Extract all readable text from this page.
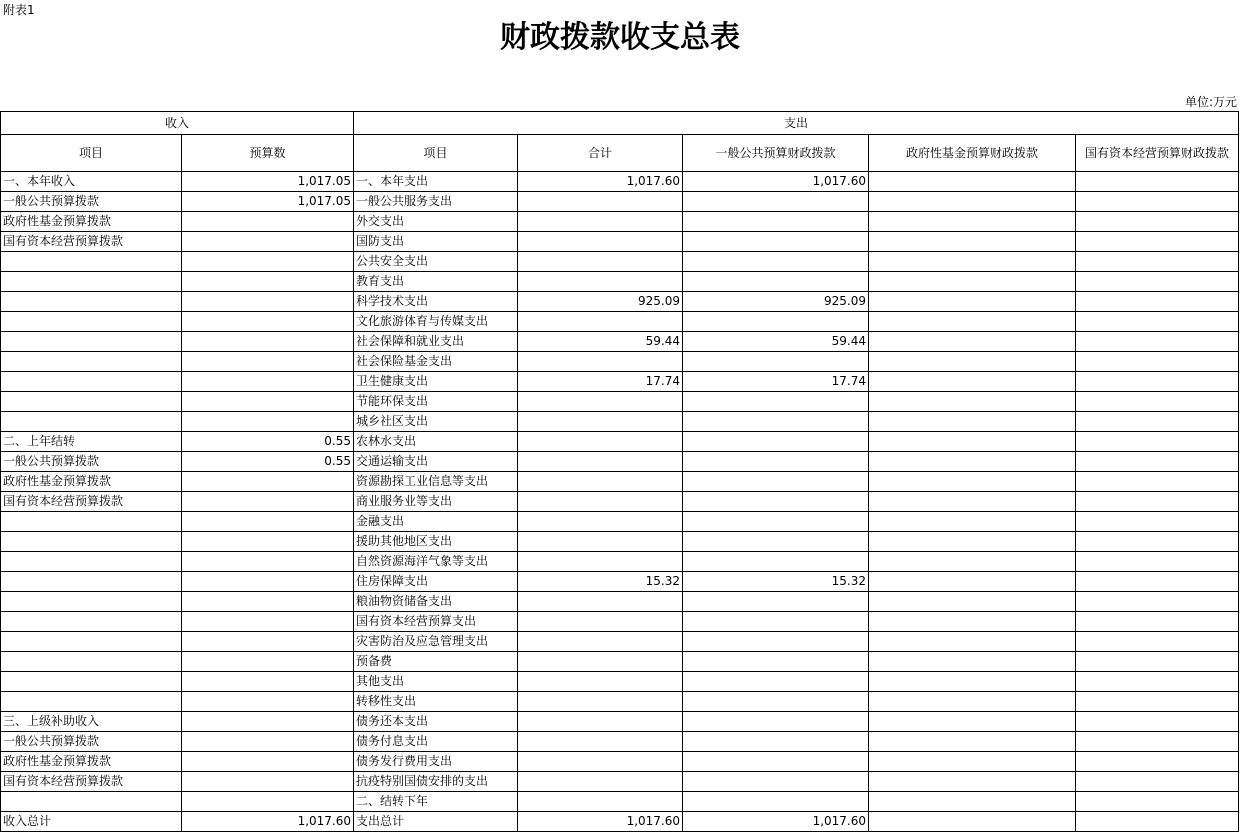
附表1
财政拨款收支总表
单位:万元
收入		支出				
项目	预算数	项目	合计	一般公共预算财政拨款	政府性基金预算财政拨款	国有资本经营预算财政拨款
一、本年收入	1,017.05	一、本年支出	1,017.60	1,017.60		
一般公共预算拨款	1,017.05	一般公共服务支出				
政府性基金预算拨款		外交支出				
国有资本经营预算拨款		国防支出				
		公共安全支出				
		教育支出				
		科学技术支出	925.09	925.09		
		文化旅游体育与传媒支出				
		社会保障和就业支出	59.44	59.44		
		社会保险基金支出				
		卫生健康支出	17.74	17.74		
		节能环保支出				
		城乡社区支出				
二、上年结转	0.55	农林水支出				
一般公共预算拨款	0.55	交通运输支出				
政府性基金预算拨款		资源勘探工业信息等支出				
国有资本经营预算拨款		商业服务业等支出				
		金融支出				
		援助其他地区支出				
		自然资源海洋气象等支出				
		住房保障支出	15.32	15.32		
		粮油物资储备支出				
		国有资本经营预算支出				
		灾害防治及应急管理支出				
		预备费				
		其他支出				
		转移性支出				
三、上级补助收入		债务还本支出				
一般公共预算拨款		债务付息支出				
政府性基金预算拨款		债务发行费用支出				
国有资本经营预算拨款		抗疫特别国债安排的支出				
		二、结转下年				
收入总计	1,017.60	支出总计	1,017.60	1,017.60		
